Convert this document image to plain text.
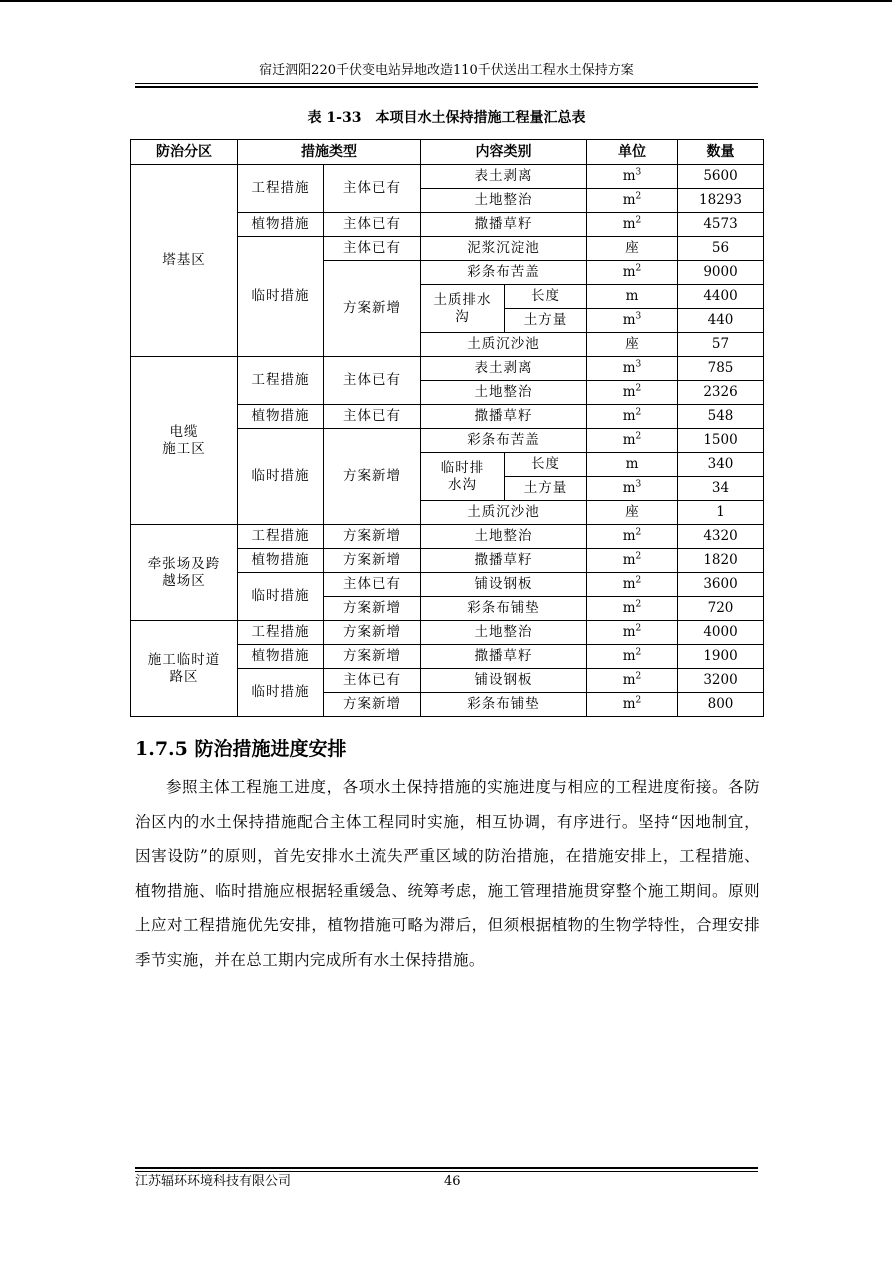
宿迁泗阳220千伏变电站异地改造110千伏送出工程水土保持方案
表 1-33　本项目水土保持措施工程量汇总表
防治分区	措施类型		内容类别		单位	数量
塔基区	工程措施	主体已有	表土剥离		$m^3$	5600
			土地整治		$m^2$	18293
	植物措施	主体已有	撒播草籽		$m^2$	4573
	临时措施	主体已有	泥浆沉淀池		座	56
		方案新增	彩条布苦盖		$m^2$	9000
			土质排水沟	长度	m	4400
				土方量	$m^3$	440
			土质沉沙池		座	57
电缆
施工区	工程措施	主体已有	表土剥离		$m^3$	785
			土地整治		$m^2$	2326
	植物措施	主体已有	撒播草籽		$m^2$	548
	临时措施	方案新增	彩条布苦盖		$m^2$	1500
			临时排水沟	长度	m	340
				土方量	$m^3$	34
			土质沉沙池		座	1
牵张场及跨
越场区	工程措施	方案新增	土地整治		$m^2$	4320
	植物措施	方案新增	撒播草籽		$m^2$	1820
	临时措施	主体已有	铺设钢板		$m^2$	3600
		方案新增	彩条布铺垫		$m^2$	720
施工临时道
路区	工程措施	方案新增	土地整治		$m^2$	4000
	植物措施	方案新增	撒播草籽		$m^2$	1900
	临时措施	主体已有	铺设钢板		$m^2$	3200
		方案新增	彩条布铺垫		$m^2$	800
1.7.5 防治措施进度安排

参照主体工程施工进度，各项水土保持措施的实施进度与相应的工程进度衔接。各防治区内的水土保持措施配合主体工程同时实施，相互协调，有序进行。坚持“因地制宜，因害设防”的原则，首先安排水土流失严重区域的防治措施，在措施安排上，工程措施、植物措施、临时措施应根据轻重缓急、统筹考虑，施工管理措施贯穿整个施工期间。原则上应对工程措施优先安排，植物措施可略为滞后，但须根据植物的生物学特性，合理安排季节实施，并在总工期内完成所有水土保持措施。

江苏辐环环境科技有限公司	46
